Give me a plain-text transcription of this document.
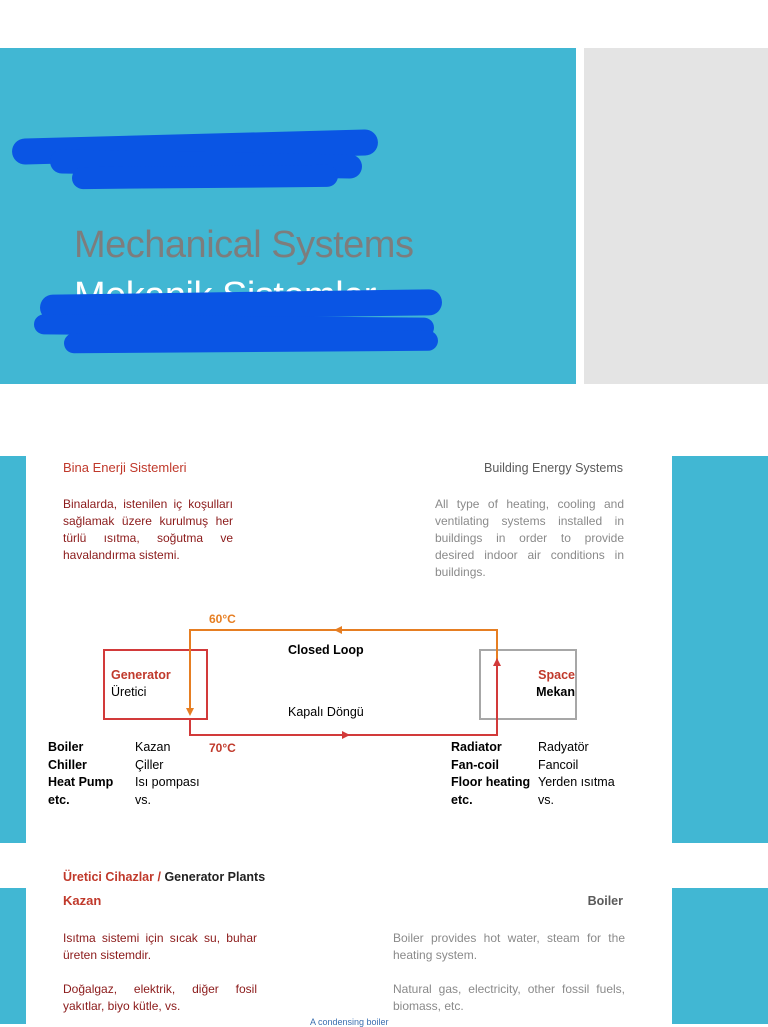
Mechanical Systems
Bina Enerji Sistemleri	Building Energy Systems
Binalarda, istenilen iç koşulları sağlamak üzere kurulmuş her türlü ısıtma, soğutma ve havalandırma sistemi.
All type of heating, cooling and ventilating systems installed in buildings in order to provide desired indoor air conditions in buildings.
60°C
70°C
Closed Loop
Kapalı Döngü
Generator
Üretici
Space
Mekan
Boiler
Chiller
Heat Pump
etc.
Kazan
Çiller
Isı pompası
vs.
Radiator
Fan-coil
Floor heating
etc.
Radyatör
Fancoil
Yerden ısıtma
vs.
Üretici Cihazlar / Generator Plants
Kazan	Boiler
Isıtma sistemi için sıcak su, buhar üreten sistemdir.
Boiler provides hot water, steam for the heating system.
Doğalgaz, elektrik, diğer fosil yakıtlar, biyo kütle, vs.
Natural gas, electricity, other fossil fuels, biomass, etc.
A condensing boiler
